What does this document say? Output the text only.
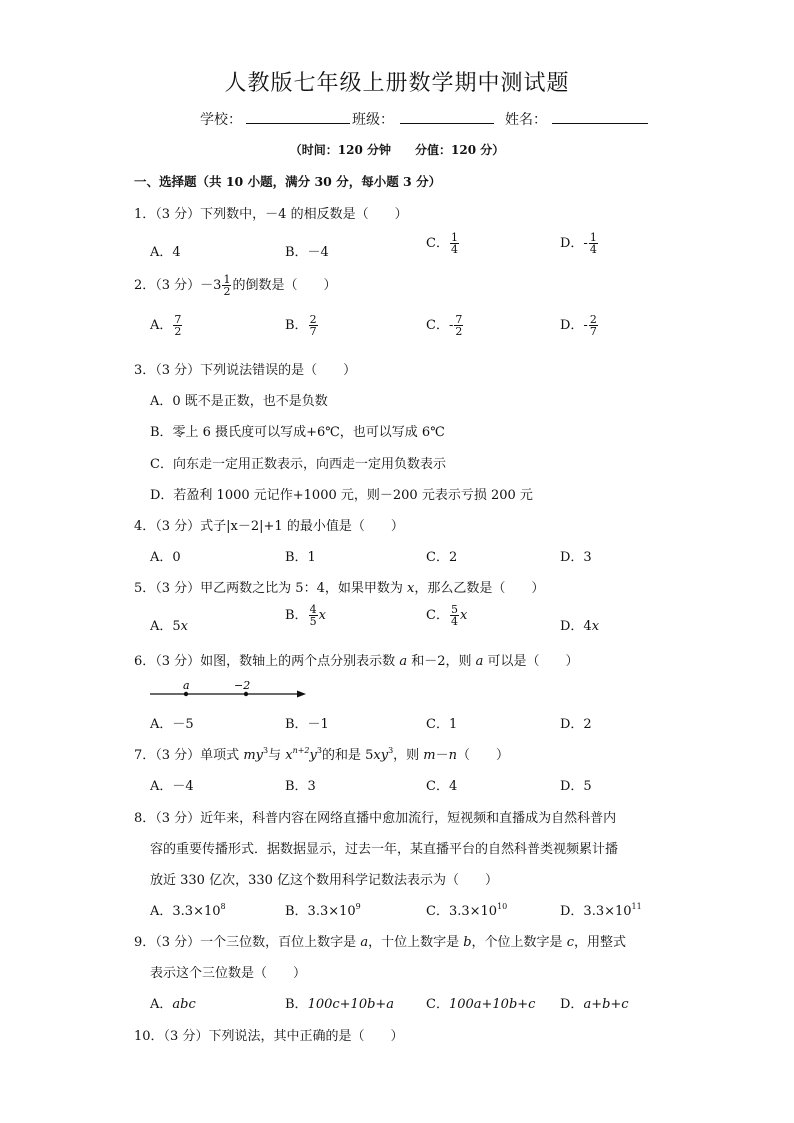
人教版七年级上册数学期中测试题
学校：	班级：	姓名：
（时间：120 分钟　　分值：120 分）
一、选择题（共 10 小题，满分 30 分，每小题 3 分）
1．（3 分）下列数中，－4 的相反数是（　　）
A．4	B．－4
C． $\frac{1}{4}$	D．- $\frac{1}{4}$
2．（3 分）$-3 \frac{1}{2}$ 的倒数是（　　）
A． $\frac{7}{2}$	B． $\frac{2}{7}$	C．- $\frac{7}{2}$	D．- $\frac{2}{7}$
3．（3 分）下列说法错误的是（　　）
A．0 既不是正数，也不是负数
B．零上 6 摄氏度可以写成+6℃，也可以写成 6℃
C．向东走一定用正数表示，向西走一定用负数表示
D．若盈利 1000 元记作+1000 元，则－200 元表示亏损 200 元
4．（3 分）式子|x－2|+1 的最小值是（　　）
A．0	B．1	C．2	D．3
5．（3 分）甲乙两数之比为 5：4，如果甲数为 x，那么乙数是（　　）
A．5x
B． $\frac{4}{5}$ x	C． $\frac{5}{4}$ x
D．4x
6．（3 分）如图，数轴上的两个点分别表示数 a 和－2，则 a 可以是（　　）
a	−2
A．－5	B．－1	C．1	D．2
7．（3 分）单项式 $my^3$与 $x^{n+2}y^3$的和是 $5xy^3$，则 m－n（　　）
A．－4	B．3	C．4	D．5
8．（3 分）近年来，科普内容在网络直播中愈加流行，短视频和直播成为自然科普内
容的重要传播形式．据数据显示，过去一年，某直播平台的自然科普类视频累计播
放近 330 亿次，330 亿这个数用科学记数法表示为（　　）
A．$3.3\times 10^8$	B．$3.3\times 10^9$	C．$3.3\times 10^{10}$	D．$3.3\times 10^{11}$
9．（3 分）一个三位数，百位上数字是 a，十位上数字是 b，个位上数字是 c，用整式
表示这个三位数是（　　）
A．abc	B．100c+10b+a C．100a+10b+c D．a+b+c
10．（3 分）下列说法，其中正确的是（　　）
